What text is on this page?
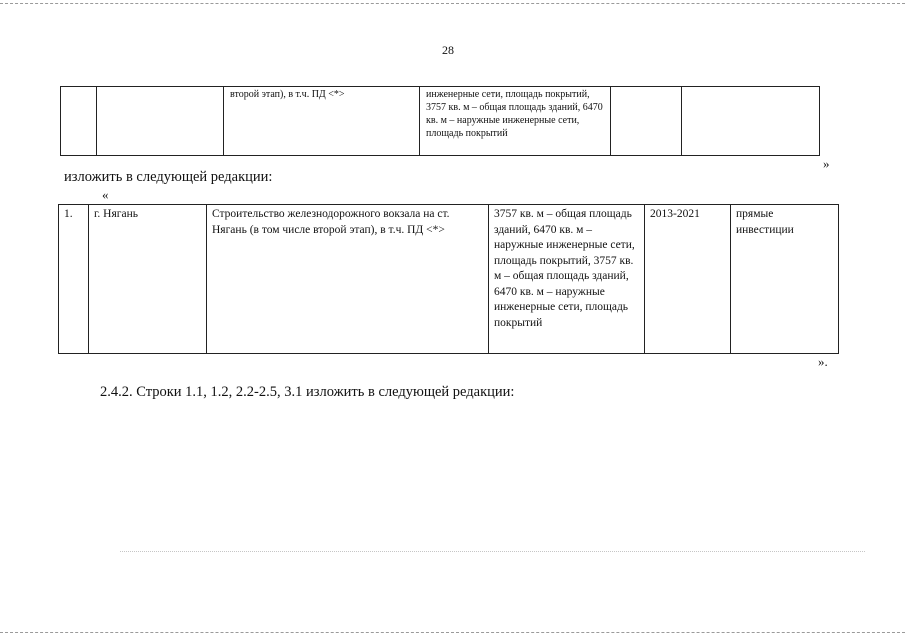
28
		второй этап), в т.ч. ПД <*>	инженерные сети, площадь покрытий, 3757 кв. м – общая площадь зданий, 6470 кв. м – наружные инженерные сети, площадь покрытий		
»
изложить в следующей редакции:
«
1.	г. Нягань	Строительство железнодорожного вокзала на ст. Нягань (в том числе второй этап), в т.ч. ПД <*>	3757 кв. м – общая площадь зданий, 6470 кв. м – наружные инженерные сети, площадь покрытий, 3757 кв. м – общая площадь зданий, 6470 кв. м – наружные инженерные сети, площадь покрытий	2013-2021	прямые инвестиции
».
2.4.2. Строки 1.1, 1.2, 2.2-2.5, 3.1 изложить в следующей редакции:
